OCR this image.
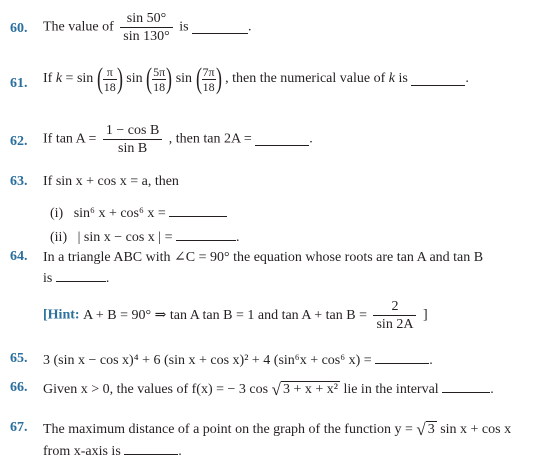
60. The value of $\frac{\sin 50^\circ}{\sin 130^\circ}$ is	.
61. If k = sin ( $\frac{\pi}{18}$ ) sin ( $\frac{5\pi}{18}$ ) sin ( $\frac{7\pi}{18}$ ) , then the numerical value of k is	.
62. If $\tan A = \frac{\text{1 − cos B}}{\text{sin B}}$ , then tan 2A =	.
63. If sin x + cos x = a, then
(i) sin⁶ x + cos⁶ x =
(ii) | sin x − cos x | =	.
64. In a triangle ABC with ∠C = 90° the equation whose roots are tan A and tan B
is	.
[Hint: A + B = 90° ⇒ tan A tan B = 1 and $\tan A + \tan B = \frac{2}{\sin 2A}$ ]
65. 3 (sin x − cos x)⁴ + 6 (sin x + cos x)² + 4 (sin⁶x + cos⁶ x) =	.
66. Given x > 0, the values of f(x) = − 3 cos √ 3 + x + x² lie in the interval	.
67. The maximum distance of a point on the graph of the function y = √ 3 sin x + cos x
from x-axis is	.
